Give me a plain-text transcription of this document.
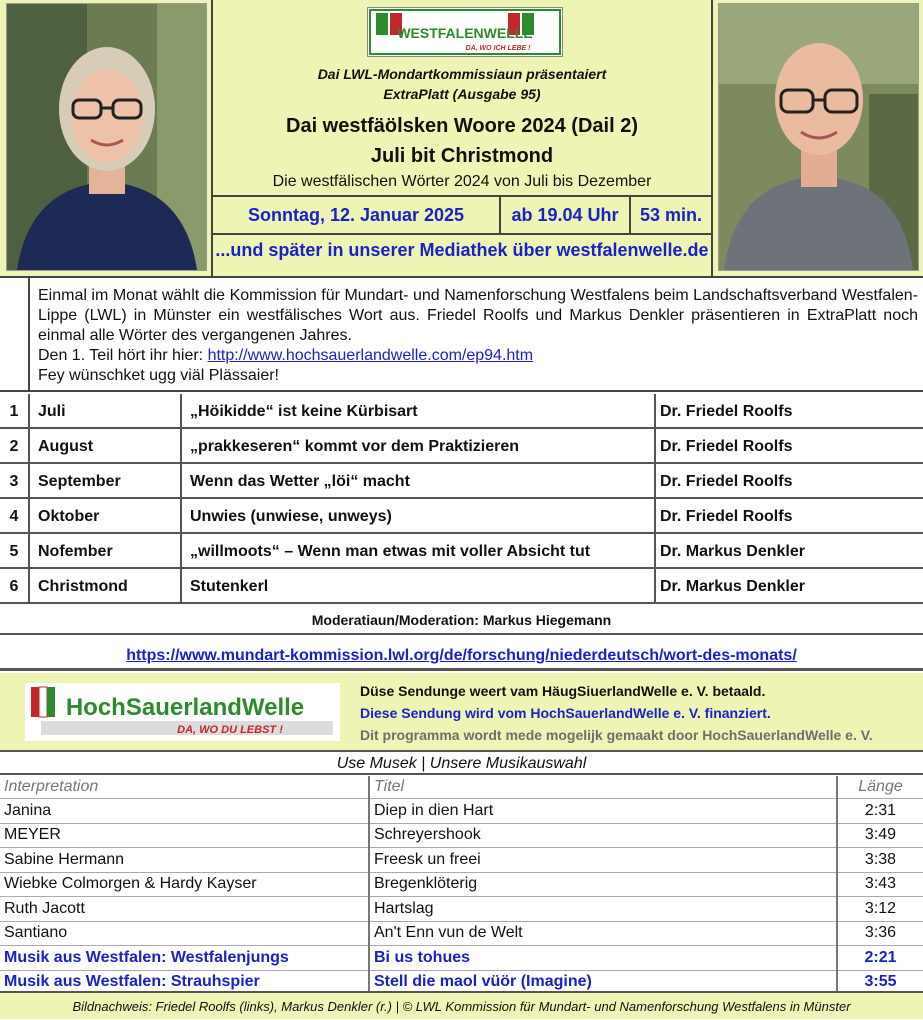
WESTFALENWELLE
DA, WO ICH LEBE !
Dai LWL-Mondartkommissiaun präsentaiert
ExtraPlatt (Ausgabe 95)
Dai westfäölsken Woore 2024 (Dail 2)
Juli bit Christmond
Die westfälischen Wörter 2024 von Juli bis Dezember
Sonntag, 12. Januar 2025	ab 19.04 Uhr	53 min.
...und später in unserer Mediathek über westfalenwelle.de
Einmal im Monat wählt die Kommission für Mundart- und Namenforschung Westfalens beim Landschaftsverband Westfalen-Lippe (LWL) in Münster ein westfälisches Wort aus. Friedel Roolfs und Markus Denkler präsentieren in ExtraPlatt noch einmal alle Wörter des vergangenen Jahres.
Den 1. Teil hört ihr hier: http://www.hochsauerlandwelle.com/ep94.htm
Fey wünschket ugg viäl Plässaier!
1	Juli	„Höikidde“ ist keine Kürbisart	Dr. Friedel Roolfs
2	August	„prakkeseren“ kommt vor dem Praktizieren	Dr. Friedel Roolfs
3	September	Wenn das Wetter „löi“ macht	Dr. Friedel Roolfs
4	Oktober	Unwies (unwiese, unweys)	Dr. Friedel Roolfs
5	Nofember	„willmoots“ – Wenn man etwas mit voller Absicht tut	Dr. Markus Denkler
6	Christmond	Stutenkerl	Dr. Markus Denkler
Moderatiaun/Moderation: Markus Hiegemann
https://www.mundart-kommission.lwl.org/de/forschung/niederdeutsch/wort-des-monats/
HochSauerlandWelle
DA, WO DU LEBST !
Düse Sendunge weert vam HäugSiuerlandWelle e. V. betaald.
Diese Sendung wird vom HochSauerlandWelle e. V. finanziert.
Dit programma wordt mede mogelijk gemaakt door HochSauerlandWelle e. V.
Use Musek | Unsere Musikauswahl
Interpretation	Titel	Länge
Janina	Diep in dien Hart	2:31
MEYER	Schreyershook	3:49
Sabine Hermann	Freesk un freei	3:38
Wiebke Colmorgen & Hardy Kayser	Bregenklöterig	3:43
Ruth Jacott	Hartslag	3:12
Santiano	An't Enn vun de Welt	3:36
Musik aus Westfalen: Westfalenjungs	Bi us tohues	2:21
Musik aus Westfalen: Strauhspier	Stell die maol vüör (Imagine)	3:55
Bildnachweis: Friedel Roolfs (links), Markus Denkler (r.) | © LWL Kommission für Mundart- und Namenforschung Westfalens in Münster
